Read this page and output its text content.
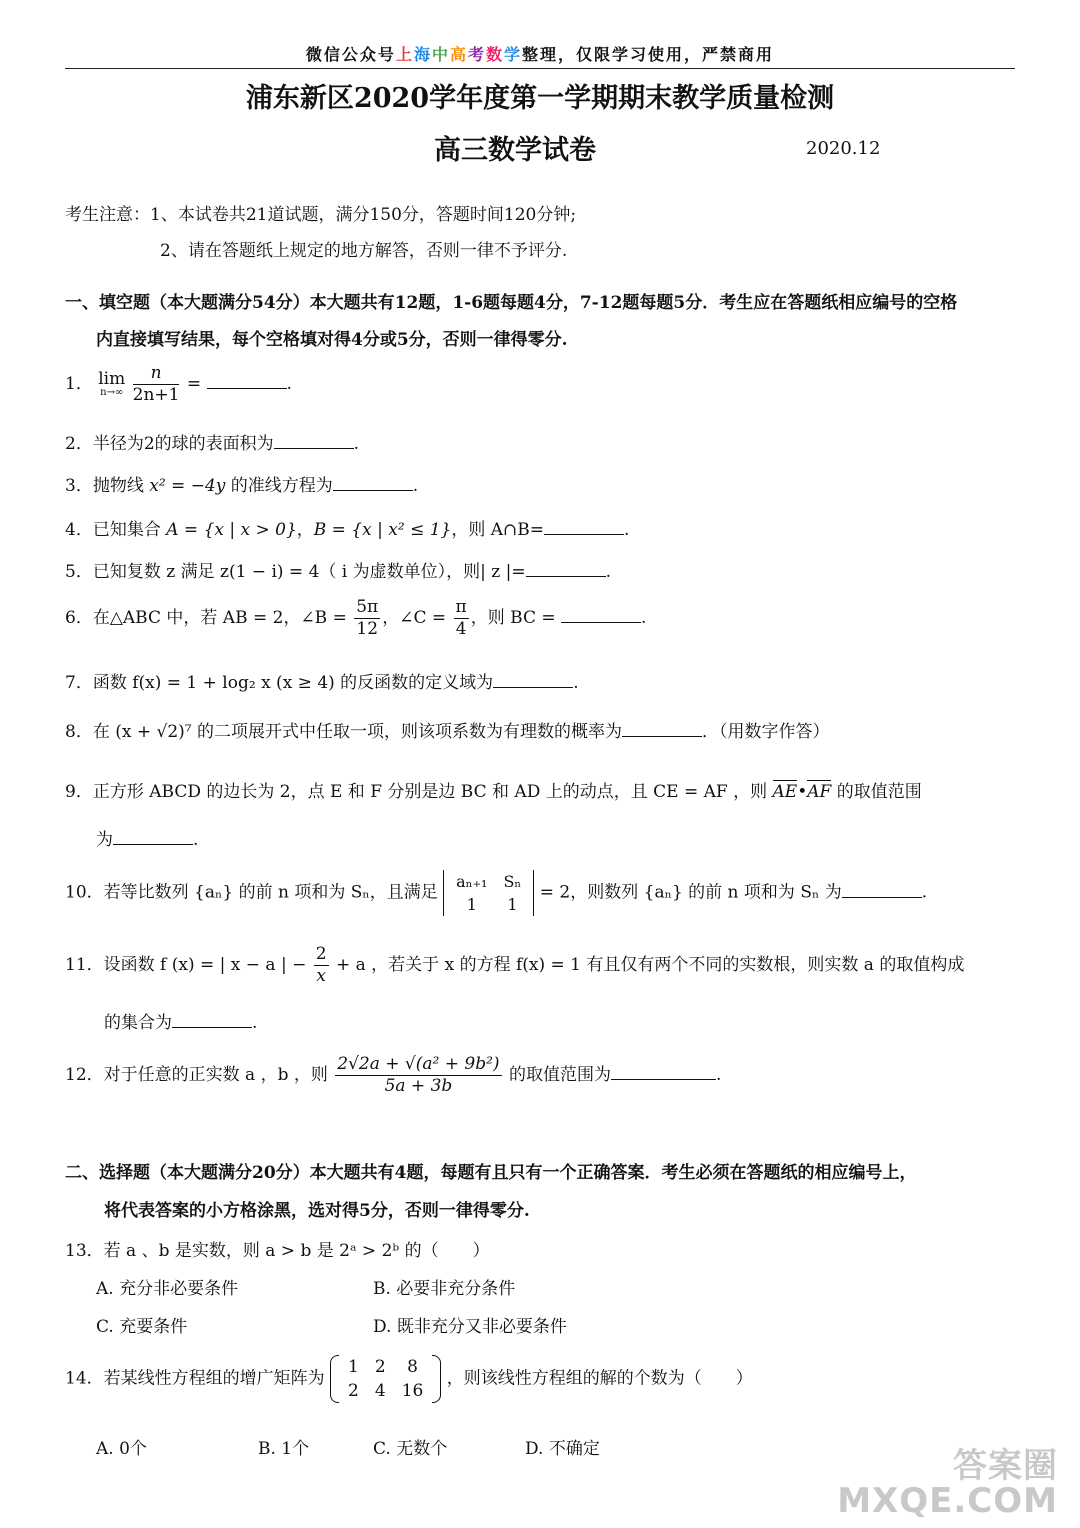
微信公众号上海中高考数学整理，仅限学习使用，严禁商用
浦东新区2020学年度第一学期期末教学质量检测
高三数学试卷	2020.12
考生注意：1、本试卷共21道试题，满分150分，答题时间120分钟;
2、请在答题纸上规定的地方解答，否则一律不予评分.
一、填空题（本大题满分54分）本大题共有12题，1-6题每题4分，7-12题每题5分．考生应在答题纸相应编号的空格
内直接填写结果，每个空格填对得4分或5分，否则一律得零分.
1． lim
n→∞
$\frac{n}{2n+1}$ =	.
2．半径为2的球的表面积为	.
3．抛物线 x² = −4y 的准线方程为	.
4．已知集合 A = {x | x > 0}，B = {x | x² ≤ 1}，则 A∩B=	.
5．已知复数 z 满足 z(1 − i) = 4（ i 为虚数单位），则| z |=	.
6．在△ABC 中，若 AB = 2，∠B = $\frac{5\pi}{12}$ ，∠C = $\frac{\pi}{4}$ ，则 BC =	.
7．函数 f(x) = 1 + log₂ x (x ≥ 4) 的反函数的定义域为	.
8．在 (x + √2)⁷ 的二项展开式中任取一项，则该项系数为有理数的概率为	．（用数字作答）
9．正方形 ABCD 的边长为 2，点 E 和 F 分别是边 BC 和 AD 上的动点，且 CE = AF ，则 AE•AF 的取值范围
为	.
10．若等比数列 {aₙ} 的前 n 项和为 Sₙ，且满足
aₙ₊₁	Sₙ
1	1
= 2，则数列 {aₙ} 的前 n 项和为 Sₙ 为	.
11．设函数 f (x) = | x − a | − $\frac{2}{x} + a$ ，若关于 x 的方程 f(x) = 1 有且仅有两个不同的实数根，则实数 a 的取值构成
的集合为	.
12．对于任意的正实数 a ，b ，则 $\frac{\text{2√2a + √(a² + 9b²)}}{5a + 3b}$ 的取值范围为	.
二、选择题（本大题满分20分）本大题共有4题，每题有且只有一个正确答案．考生必须在答题纸的相应编号上，
将代表答案的小方格涂黑，选对得5分，否则一律得零分.
13．若 a 、b 是实数，则 a > b 是 2ᵃ > 2ᵇ 的（　　）
A. 充分非必要条件	B. 必要非充分条件
C. 充要条件	D. 既非充分又非必要条件
14．若某线性方程组的增广矩阵为
1	2	8
2	4	16
，则该线性方程组的解的个数为（　　）
A. 0个	B. 1个	C. 无数个	D. 不确定	答案圈
MXQE.COM
